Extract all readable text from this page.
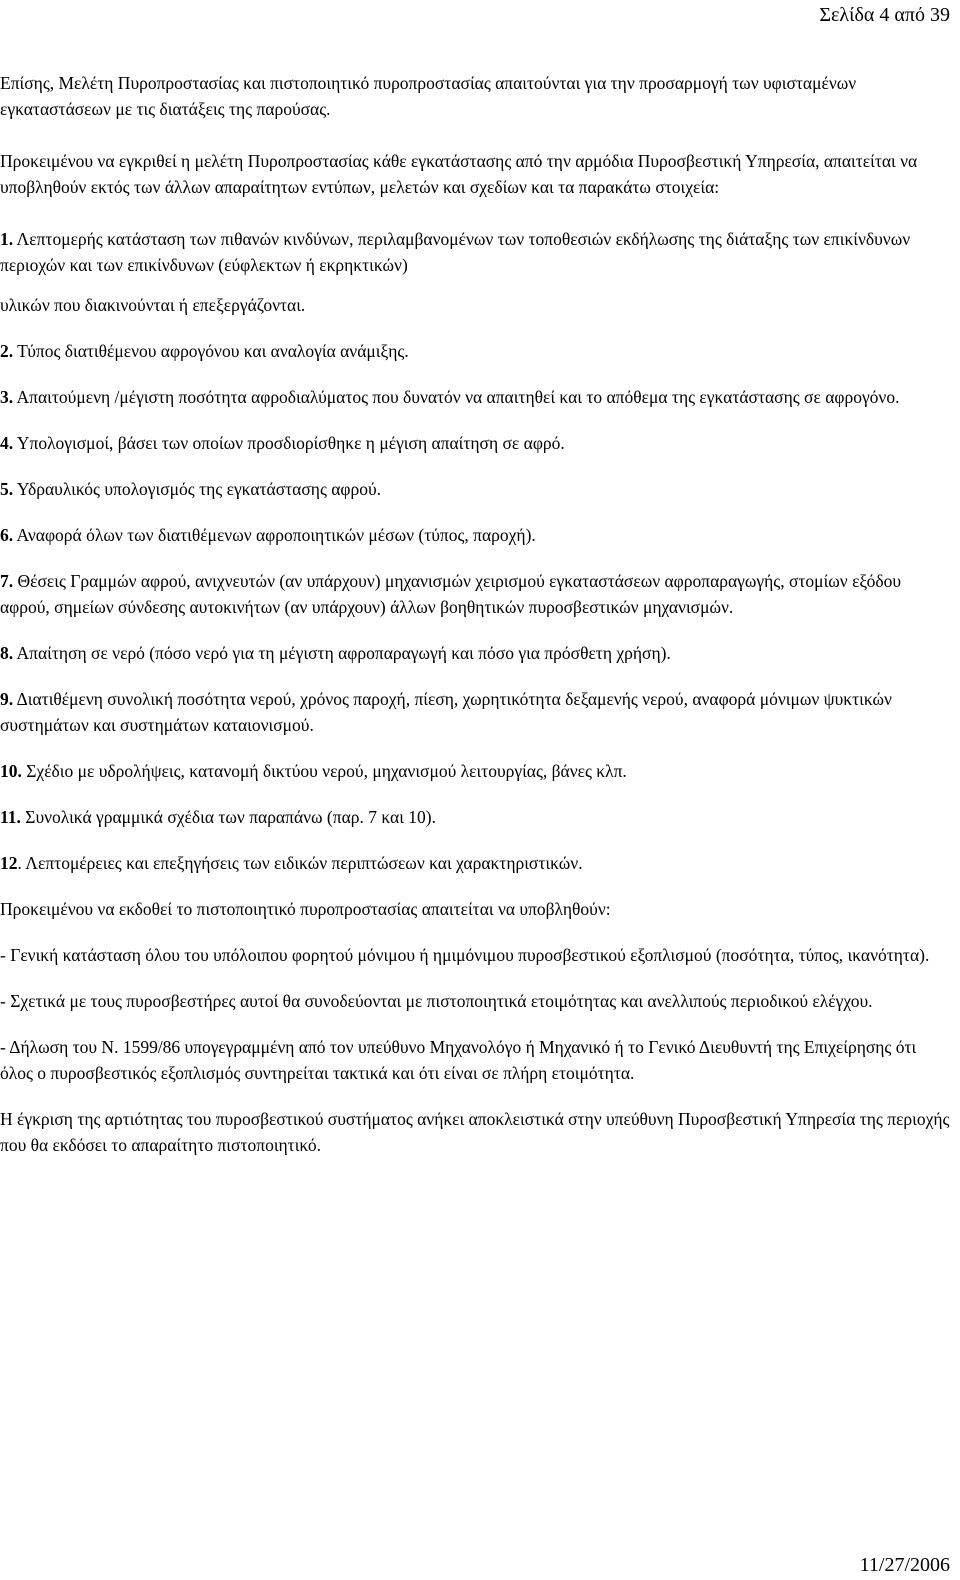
Σελίδα 4 από 39

Επίσης, Μελέτη Πυροπροστασίας και πιστοποιητικό πυροπροστασίας απαιτούνται για την προσαρμογή των υφισταμένων εγκαταστάσεων με τις διατάξεις της παρούσας.

Προκειμένου να εγκριθεί η μελέτη Πυροπροστασίας κάθε εγκατάστασης από την αρμόδια Πυροσβεστική Υπηρεσία, απαιτείται να υποβληθούν εκτός των άλλων απαραίτητων εντύπων, μελετών και σχεδίων και τα παρακάτω στοιχεία:

1. Λεπτομερής κατάσταση των πιθανών κινδύνων, περιλαμβανομένων των τοποθεσιών εκδήλωσης της διάταξης των επικίνδυνων περιοχών και των επικίνδυνων (εύφλεκτων ή εκρηκτικών)

υλικών που διακινούνται ή επεξεργάζονται.

2. Τύπος διατιθέμενου αφρογόνου και αναλογία ανάμιξης.

3. Απαιτούμενη /μέγιστη ποσότητα αφροδιαλύματος που δυνατόν να απαιτηθεί και το απόθεμα της εγκατάστασης σε αφρογόνο.

4. Υπολογισμοί, βάσει των οποίων προσδιορίσθηκε η μέγιση απαίτηση σε αφρό.

5. Υδραυλικός υπολογισμός της εγκατάστασης αφρού.

6. Αναφορά όλων των διατιθέμενων αφροποιητικών μέσων (τύπος, παροχή).

7. Θέσεις Γραμμών αφρού, ανιχνευτών (αν υπάρχουν) μηχανισμών χειρισμού εγκαταστάσεων αφροπαραγωγής, στομίων εξόδου αφρού, σημείων σύνδεσης αυτοκινήτων (αν υπάρχουν) άλλων βοηθητικών πυροσβεστικών μηχανισμών.

8. Απαίτηση σε νερό (πόσο νερό για τη μέγιστη αφροπαραγωγή και πόσο για πρόσθετη χρήση).

9. Διατιθέμενη συνολική ποσότητα νερού, χρόνος παροχή, πίεση, χωρητικότητα δεξαμενής νερού, αναφορά μόνιμων ψυκτικών συστημάτων και συστημάτων καταιονισμού.

10. Σχέδιο με υδρολήψεις, κατανομή δικτύου νερού, μηχανισμού λειτουργίας, βάνες κλπ.

11. Συνολικά γραμμικά σχέδια των παραπάνω (παρ. 7 και 10).

12. Λεπτομέρειες και επεξηγήσεις των ειδικών περιπτώσεων και χαρακτηριστικών.

Προκειμένου να εκδοθεί το πιστοποιητικό πυροπροστασίας απαιτείται να υποβληθούν:

- Γενική κατάσταση όλου του υπόλοιπου φορητού μόνιμου ή ημιμόνιμου πυροσβεστικού εξοπλισμού (ποσότητα, τύπος, ικανότητα).

- Σχετικά με τους πυροσβεστήρες αυτοί θα συνοδεύονται με πιστοποιητικά ετοιμότητας και ανελλιπούς περιοδικού ελέγχου.

- Δήλωση του Ν. 1599/86 υπογεγραμμένη από τον υπεύθυνο Μηχανολόγο ή Μηχανικό ή το Γενικό Διευθυντή της Επιχείρησης ότι όλος ο πυροσβεστικός εξοπλισμός συντηρείται τακτικά και ότι είναι σε πλήρη ετοιμότητα.

Η έγκριση της αρτιότητας του πυροσβεστικού συστήματος ανήκει αποκλειστικά στην υπεύθυνη Πυροσβεστική Υπηρεσία της περιοχής που θα εκδόσει το απαραίτητο πιστοποιητικό.

11/27/2006
